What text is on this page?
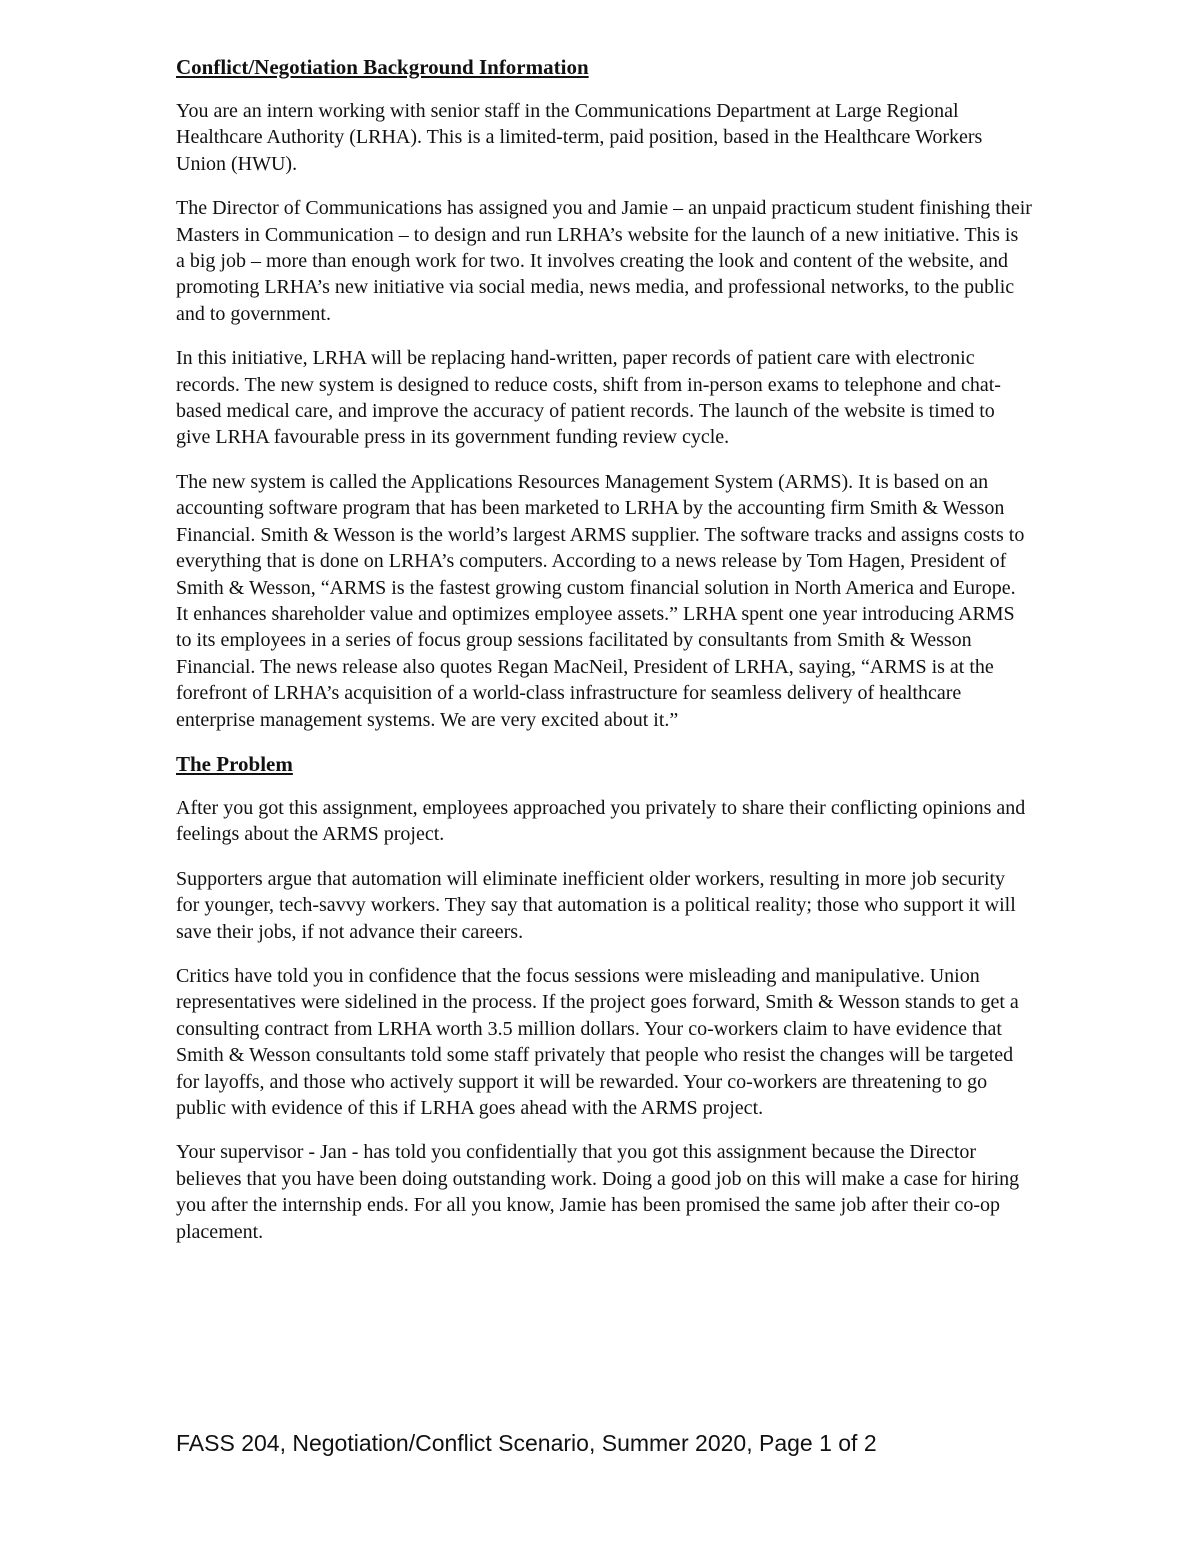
Conflict/Negotiation Background Information

You are an intern working with senior staff in the Communications Department at Large Regional Healthcare Authority (LRHA). This is a limited-term, paid position, based in the Healthcare Workers Union (HWU).

The Director of Communications has assigned you and Jamie – an unpaid practicum student finishing their Masters in Communication – to design and run LRHA’s website for the launch of a new initiative. This is a big job – more than enough work for two. It involves creating the look and content of the website, and promoting LRHA’s new initiative via social media, news media, and professional networks, to the public and to government.

In this initiative, LRHA will be replacing hand-written, paper records of patient care with electronic records. The new system is designed to reduce costs, shift from in-person exams to telephone and chat-based medical care, and improve the accuracy of patient records. The launch of the website is timed to give LRHA favourable press in its government funding review cycle.

The new system is called the Applications Resources Management System (ARMS). It is based on an accounting software program that has been marketed to LRHA by the accounting firm Smith & Wesson Financial. Smith & Wesson is the world’s largest ARMS supplier. The software tracks and assigns costs to everything that is done on LRHA’s computers. According to a news release by Tom Hagen, President of Smith & Wesson, “ARMS is the fastest growing custom financial solution in North America and Europe. It enhances shareholder value and optimizes employee assets.” LRHA spent one year introducing ARMS to its employees in a series of focus group sessions facilitated by consultants from Smith & Wesson Financial. The news release also quotes Regan MacNeil, President of LRHA, saying, “ARMS is at the forefront of LRHA’s acquisition of a world-class infrastructure for seamless delivery of healthcare enterprise management systems. We are very excited about it.”

The Problem

After you got this assignment, employees approached you privately to share their conflicting opinions and feelings about the ARMS project.

Supporters argue that automation will eliminate inefficient older workers, resulting in more job security for younger, tech-savvy workers. They say that automation is a political reality; those who support it will save their jobs, if not advance their careers.

Critics have told you in confidence that the focus sessions were misleading and manipulative. Union representatives were sidelined in the process. If the project goes forward, Smith & Wesson stands to get a consulting contract from LRHA worth 3.5 million dollars. Your co-workers claim to have evidence that Smith & Wesson consultants told some staff privately that people who resist the changes will be targeted for layoffs, and those who actively support it will be rewarded. Your co-workers are threatening to go public with evidence of this if LRHA goes ahead with the ARMS project.

Your supervisor - Jan - has told you confidentially that you got this assignment because the Director believes that you have been doing outstanding work. Doing a good job on this will make a case for hiring you after the internship ends. For all you know, Jamie has been promised the same job after their co-op placement.

FASS 204, Negotiation/Conflict Scenario, Summer 2020, Page 1 of 2
